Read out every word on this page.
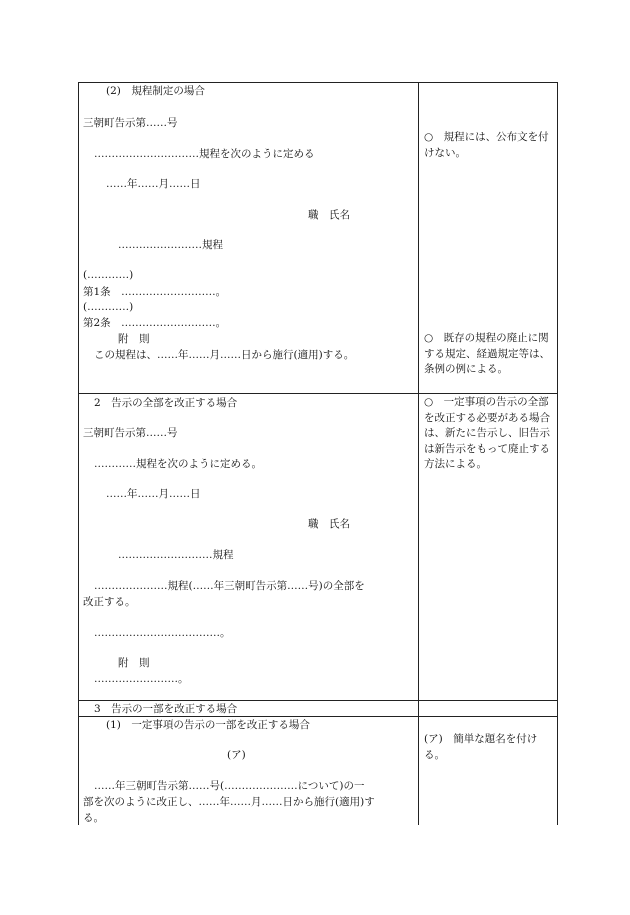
(2)　規程制定の場合
三朝町告示第……号
…………………………規程を次のように定める
……年……月……日
職　氏名
……………………規程
(…………)
第1条　………………………。
(…………)
第2条　………………………。
附　則
この規程は、……年……月……日から施行(適用)する。
○　規程には、公布文を付けない。
○　既存の規程の廃止に関する規定、経過規定等は、条例の例による。
2　告示の全部を改正する場合
三朝町告示第……号
…………規程を次のように定める。
……年……月……日
職　氏名
………………………規程
…………………規程(……年三朝町告示第……号)の全部を
改正する。
………………………………。
附　則
……………………。
○　一定事項の告示の全部を改正する必要がある場合は、新たに告示し、旧告示は新告示をもって廃止する方法による。
3　告示の一部を改正する場合
(1)　一定事項の告示の一部を改正する場合
(ア)
……年三朝町告示第……号(…………………について)の一
部を次のように改正し、……年……月……日から施行(適用)す
る。
(ア)　簡単な題名を付ける。
